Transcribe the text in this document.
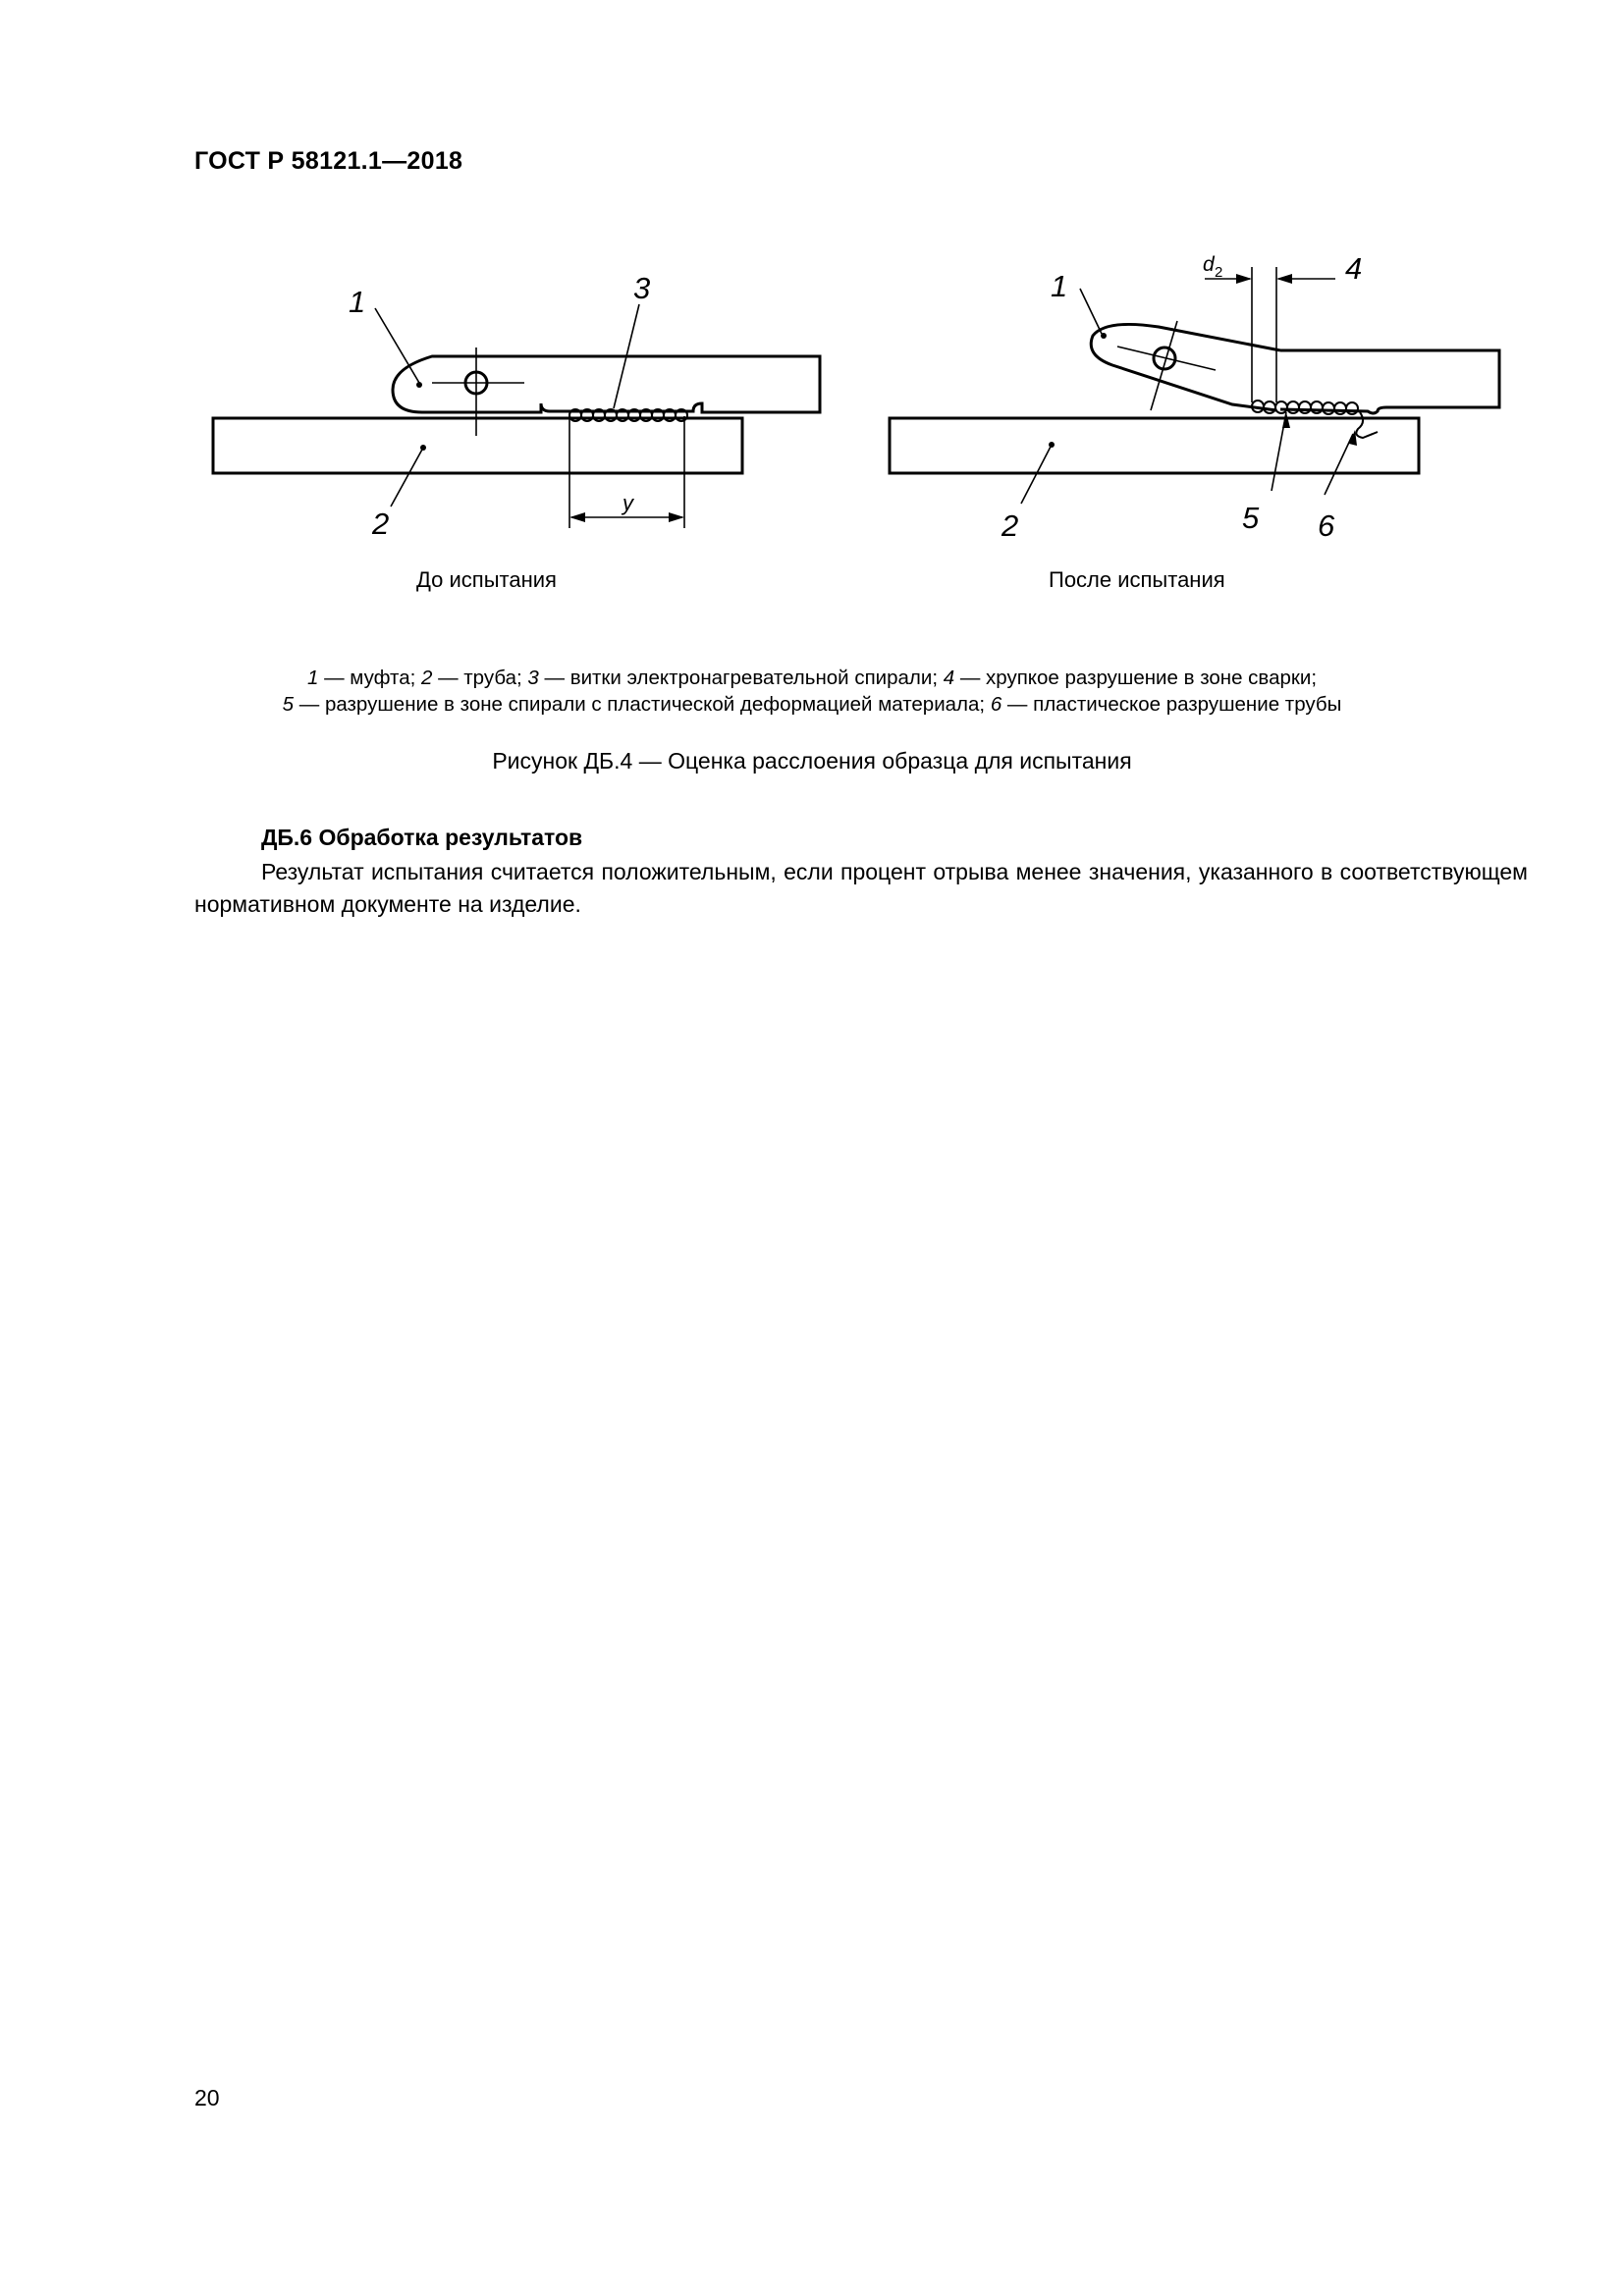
ГОСТ Р 58121.1—2018
1	3
2
y
1
4
2	5 6
d 2
До испытания	После испытания
1 — муфта; 2 — труба; 3 — витки электронагревательной спирали; 4 — хрупкое разрушение в зоне сварки;
5 — разрушение в зоне спирали с пластической деформацией материала; 6 — пластическое разрушение трубы
Рисунок ДБ.4 — Оценка расслоения образца для испытания
ДБ.6 Обработка результатов
Результат испытания считается положительным, если процент отрыва менее значения, указанного в соответствующем нормативном документе на изделие.
20
